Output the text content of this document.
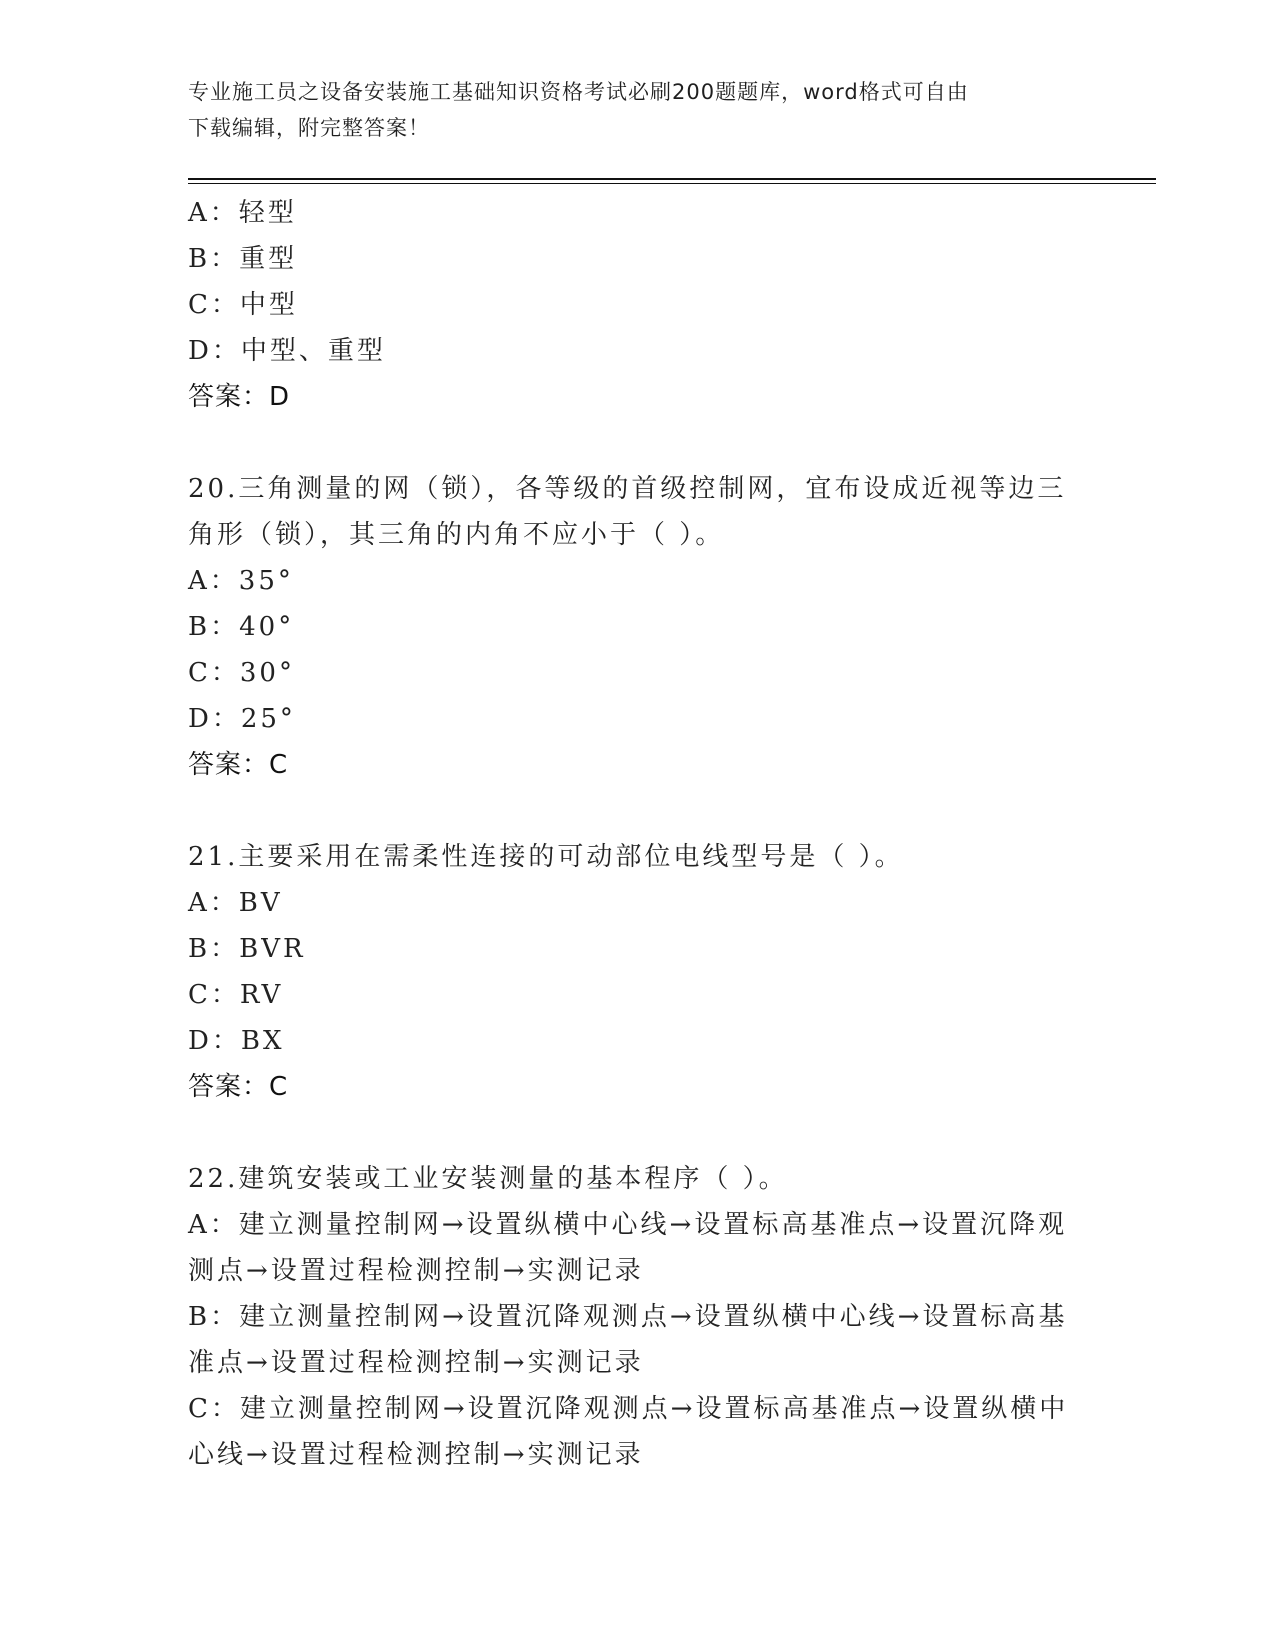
专业施工员之设备安装施工基础知识资格考试必刷200题题库，word格式可自由
下载编辑，附完整答案！
A：轻型
B：重型
C：中型
D：中型、重型
答案：D
20.三角测量的网（锁），各等级的首级控制网，宜布设成近视等边三
角形（锁），其三角的内角不应小于（ ）。
A：35°
B：40°
C：30°
D：25°
答案：C
21.主要采用在需柔性连接的可动部位电线型号是（ ）。
A：BV
B：BVR
C：RV
D：BX
答案：C
22.建筑安装或工业安装测量的基本程序（ ）。
A：建立测量控制网→设置纵横中心线→设置标高基准点→设置沉降观
测点→设置过程检测控制→实测记录
B：建立测量控制网→设置沉降观测点→设置纵横中心线→设置标高基
准点→设置过程检测控制→实测记录
C：建立测量控制网→设置沉降观测点→设置标高基准点→设置纵横中
心线→设置过程检测控制→实测记录
